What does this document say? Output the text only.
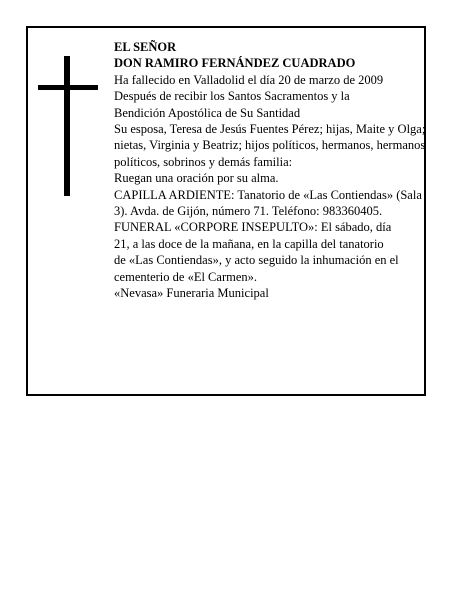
EL SEÑOR

DON RAMIRO FERNÁNDEZ CUADRADO

Ha fallecido en Valladolid el día 20 de marzo de 2009

Después de recibir los Santos Sacramentos y la

Bendición Apostólica de Su Santidad

Su esposa, Teresa de Jesús Fuentes Pérez; hijas, Maite y Olga; nietas, Virginia y Beatriz; hijos políticos, hermanos, hermanos políticos, sobrinos y demás familia:

Ruegan una oración por su alma.

CAPILLA ARDIENTE: Tanatorio de «Las Contiendas» (Sala 3). Avda. de Gijón, número 71. Teléfono: 983360405.

FUNERAL «CORPORE INSEPULTO»: El sábado, día

21, a las doce de la mañana, en la capilla del tanatorio

de «Las Contiendas», y acto seguido la inhumación en el

cementerio de «El Carmen».

«Nevasa» Funeraria Municipal
